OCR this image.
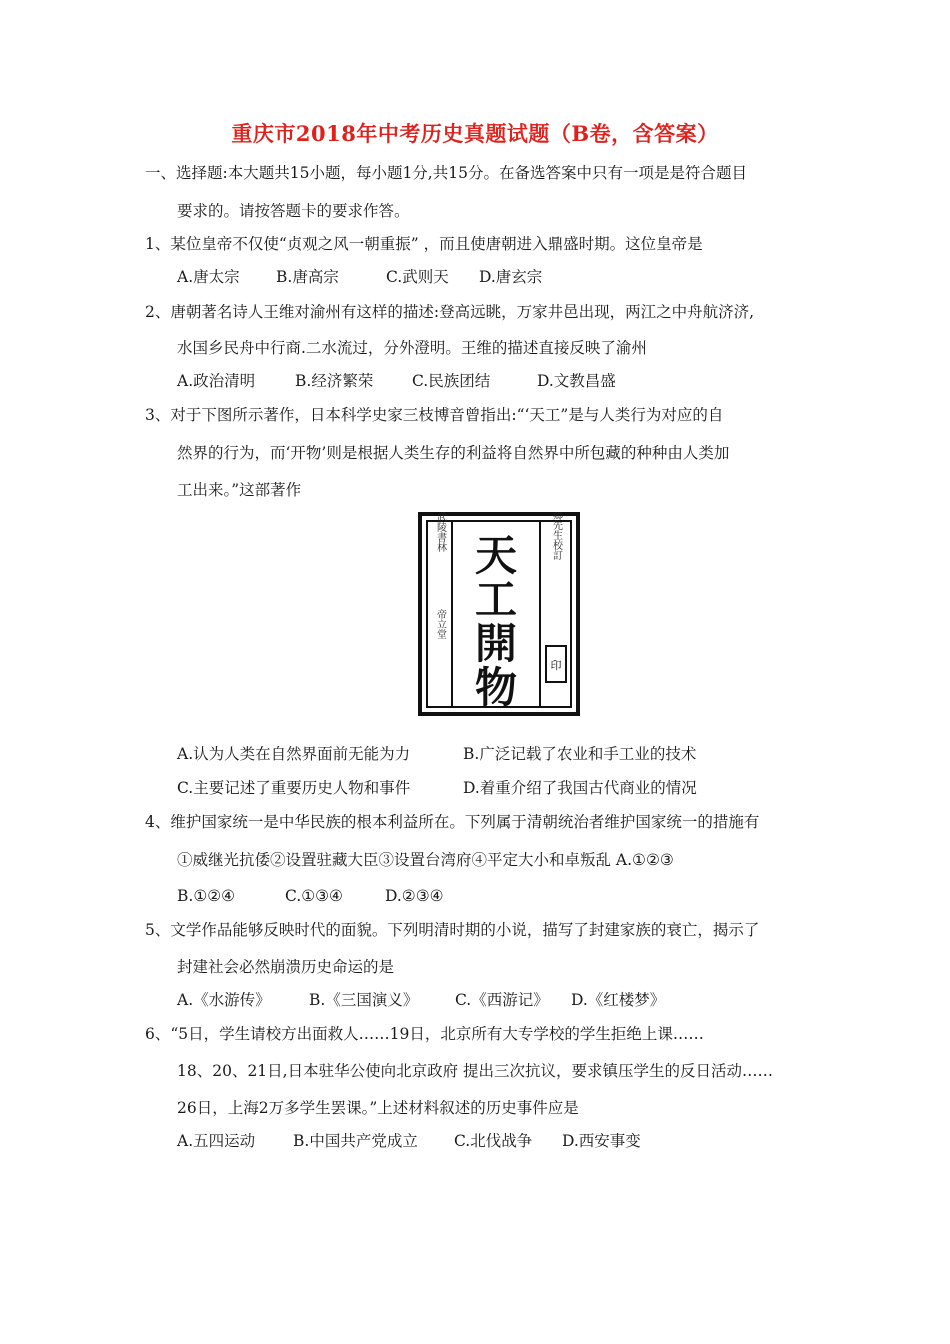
重庆市2018年中考历史真题试题（B卷，含答案）
一、选择题:本大题共15小题，每小题1分,共15分。在备选答案中只有一项是是符合题目
要求的。请按答题卡的要求作答。
1、某位皇帝不仅使“贞观之风一朝重振” ，而且使唐朝进入鼎盛时期。这位皇帝是
A.唐太宗 B.唐高宗	C.武则天 D.唐玄宗
2、唐朝著名诗人王维对渝州有这样的描述:登高远眺，万家井邑出现，两江之中舟航济济,
水国乡民舟中行商.二水流过，分外澄明。王维的描述直接反映了渝州
A.政治清明	B.经济繁荣 C.民族团结	D.文教昌盛
3、对于下图所示著作，日本科学史家三枝博音曾指出:“‘天工”是与人类行为对应的自
然界的行为，而‘开物’则是根据人类生存的利益将自然界中所包藏的种种由人类加
工出来。”这部著作
天
工
開
物
武陵書林
帝立堂
閩鄉先生校訂
印
A.认为人类在自然界面前无能为力	B.广泛记载了农业和手工业的技术
C.主要记述了重要历史人物和事件	D.着重介绍了我国古代商业的情况
4、维护国家统一是中华民族的根本利益所在。下列属于清朝统治者维护国家统一的措施有
①威继光抗倭②设置驻藏大臣③设置台湾府④平定大小和卓叛乱 A.①②③
B.①②④	C.①③④	D.②③④
5、文学作品能够反映时代的面貌。下列明清时期的小说，描写了封建家族的衰亡，揭示了
封建社会必然崩溃历史命运的是
A.《水游传》 B.《三国演义》 C.《西游记》 D.《红楼梦》
6、“5日，学生请校方出面救人……19日，北京所有大专学校的学生拒绝上课……
18、20、21日,日本驻华公使向北京政府 提出三次抗议，要求镇压学生的反日活动……
26日，上海2万多学生罢课。”上述材料叙述的历史事件应是
A.五四运动 B.中国共产党成立 C.北伐战争 D.西安事变
